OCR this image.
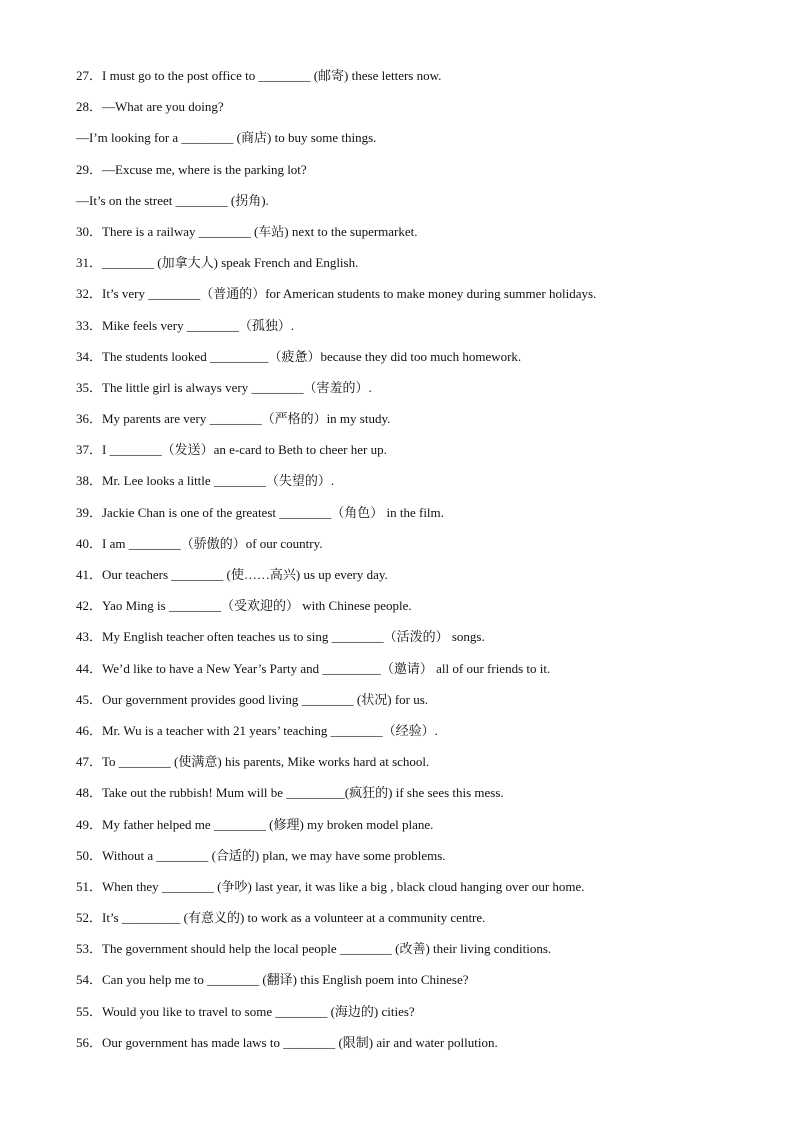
27．I must go to the post office to ________ (邮寄) these letters now.
28．—What are you doing?
—I’m looking for a ________ (商店) to buy some things.
29．—Excuse me, where is the parking lot?
—It’s on the street ________ (拐角).
30．There is a railway ________ (车站) next to the supermarket.
31．________ (加拿大人) speak French and English.
32．It’s very ________（普通的）for American students to make money during summer holidays.
33．Mike feels very ________（孤独）.
34．The students looked _________（疲惫）because they did too much homework.
35．The little girl is always very ________（害羞的）.
36．My parents are very ________（严格的）in my study.
37．I ________（发送）an e-card to Beth to cheer her up.
38．Mr. Lee looks a little ________（失望的）.
39．Jackie Chan is one of the greatest ________（角色） in the film.
40．I am ________（骄傲的）of our country.
41．Our teachers ________ (使……高兴) us up every day.
42．Yao Ming is ________（受欢迎的） with Chinese people.
43．My English teacher often teaches us to sing ________（活泼的） songs.
44．We’d like to have a New Year’s Party and _________（邀请） all of our friends to it.
45．Our government provides good living ________ (状况) for us.
46．Mr. Wu is a teacher with 21 years’ teaching ________（经验）.
47．To ________ (使满意) his parents, Mike works hard at school.
48．Take out the rubbish! Mum will be _________(疯狂的) if she sees this mess.
49．My father helped me ________ (修理) my broken model plane.
50．Without a ________ (合适的) plan, we may have some problems.
51．When they ________ (争吵) last year, it was like a big , black cloud hanging over our home.
52．It’s _________ (有意义的) to work as a volunteer at a community centre.
53．The government should help the local people ________ (改善) their living conditions.
54．Can you help me to ________ (翻译) this English poem into Chinese?
55．Would you like to travel to some ________ (海边的) cities?
56．Our government has made laws to ________ (限制) air and water pollution.
